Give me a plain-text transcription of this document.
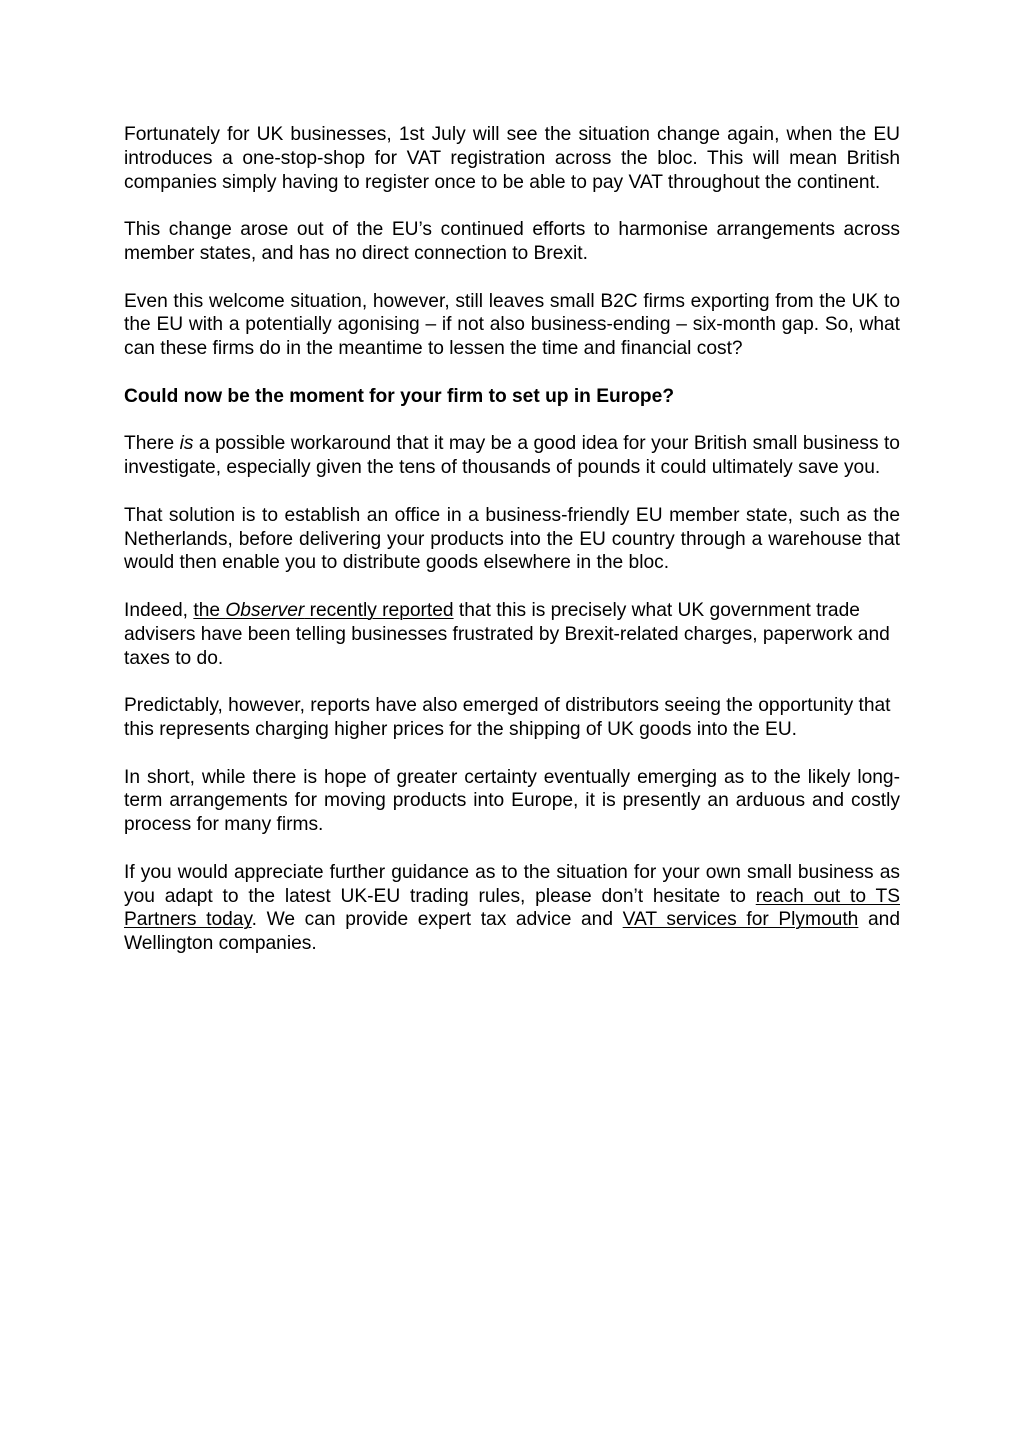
Fortunately for UK businesses, 1st July will see the situation change again, when the EU introduces a one-stop-shop for VAT registration across the bloc. This will mean British companies simply having to register once to be able to pay VAT throughout the continent.

This change arose out of the EU’s continued efforts to harmonise arrangements across member states, and has no direct connection to Brexit.

Even this welcome situation, however, still leaves small B2C firms exporting from the UK to the EU with a potentially agonising – if not also business-ending – six-month gap. So, what can these firms do in the meantime to lessen the time and financial cost?

Could now be the moment for your firm to set up in Europe?

There is a possible workaround that it may be a good idea for your British small business to investigate, especially given the tens of thousands of pounds it could ultimately save you.

That solution is to establish an office in a business-friendly EU member state, such as the Netherlands, before delivering your products into the EU country through a warehouse that would then enable you to distribute goods elsewhere in the bloc.

Indeed, the Observer recently reported that this is precisely what UK government trade advisers have been telling businesses frustrated by Brexit-related charges, paperwork and taxes to do.

Predictably, however, reports have also emerged of distributors seeing the opportunity that this represents charging higher prices for the shipping of UK goods into the EU.

In short, while there is hope of greater certainty eventually emerging as to the likely long-term arrangements for moving products into Europe, it is presently an arduous and costly process for many firms.

If you would appreciate further guidance as to the situation for your own small business as you adapt to the latest UK-EU trading rules, please don’t hesitate to reach out to TS Partners today. We can provide expert tax advice and VAT services for Plymouth and Wellington companies.
